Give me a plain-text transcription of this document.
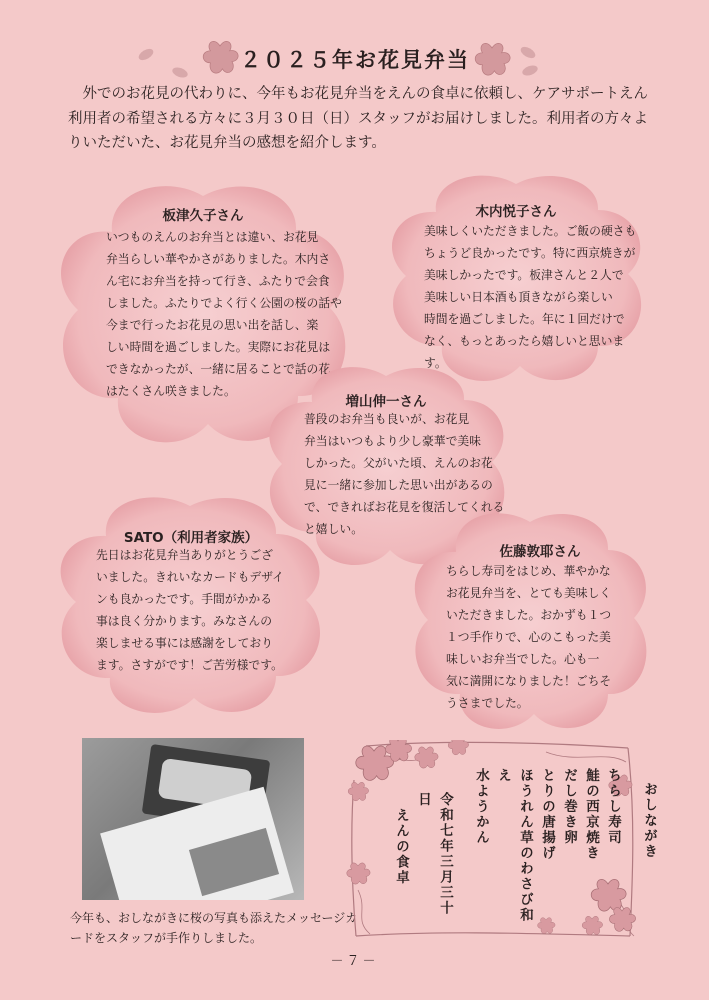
２０２５年お花見弁当
外でのお花見の代わりに、今年もお花見弁当をえんの食卓に依頼し、ケアサポートえん利用者の希望される方々に３月３０日（日）スタッフがお届けしました。利用者の方々よりいただいた、お花見弁当の感想を紹介します。
板津久子さん
いつものえんのお弁当とは違い、お花見
弁当らしい華やかさがありました。木内さ
ん宅にお弁当を持って行き、ふたりで会食
しました。ふたりでよく行く公園の桜の話や
今まで行ったお花見の思い出を話し、楽
しい時間を過ごしました。実際にお花見は
できなかったが、一緒に居ることで話の花
はたくさん咲きました。
木内悦子さん
美味しくいただきました。ご飯の硬さも
ちょうど良かったです。特に西京焼きが
美味しかったです。板津さんと２人で
美味しい日本酒も頂きながら楽しい
時間を過ごしました。年に１回だけで
なく、もっとあったら嬉しいと思います。
増山伸一さん
普段のお弁当も良いが、お花見
弁当はいつもより少し豪華で美味
しかった。父がいた頃、えんのお花
見に一緒に参加した思い出があるの
で、できればお花見を復活してくれる
と嬉しい。
SATO（利用者家族）
先日はお花見弁当ありがとうござ
いました。きれいなカードもデザイ
ンも良かったです。手間がかかる
事は良く分かります。みなさんの
楽しませる事には感謝をしており
ます。さすがです！ご苦労様です。
佐藤敦耶さん
ちらし寿司をはじめ、華やかな
お花見弁当を、とても美味しく
いただきました。おかずも１つ
１つ手作りで、心のこもった美
味しいお弁当でした。心も一
気に満開になりました！ごちそ
うさまでした。
今年も、おしながきに桜の写真も添えたメッセージカードをスタッフが手作りしました。
おしながき
ちらし寿司
鮭の西京焼き
だし巻き卵
とりの唐揚げ
ほうれん草のわさび和え
水ようかん
令和七年三月三十日
えんの食卓
－７－
